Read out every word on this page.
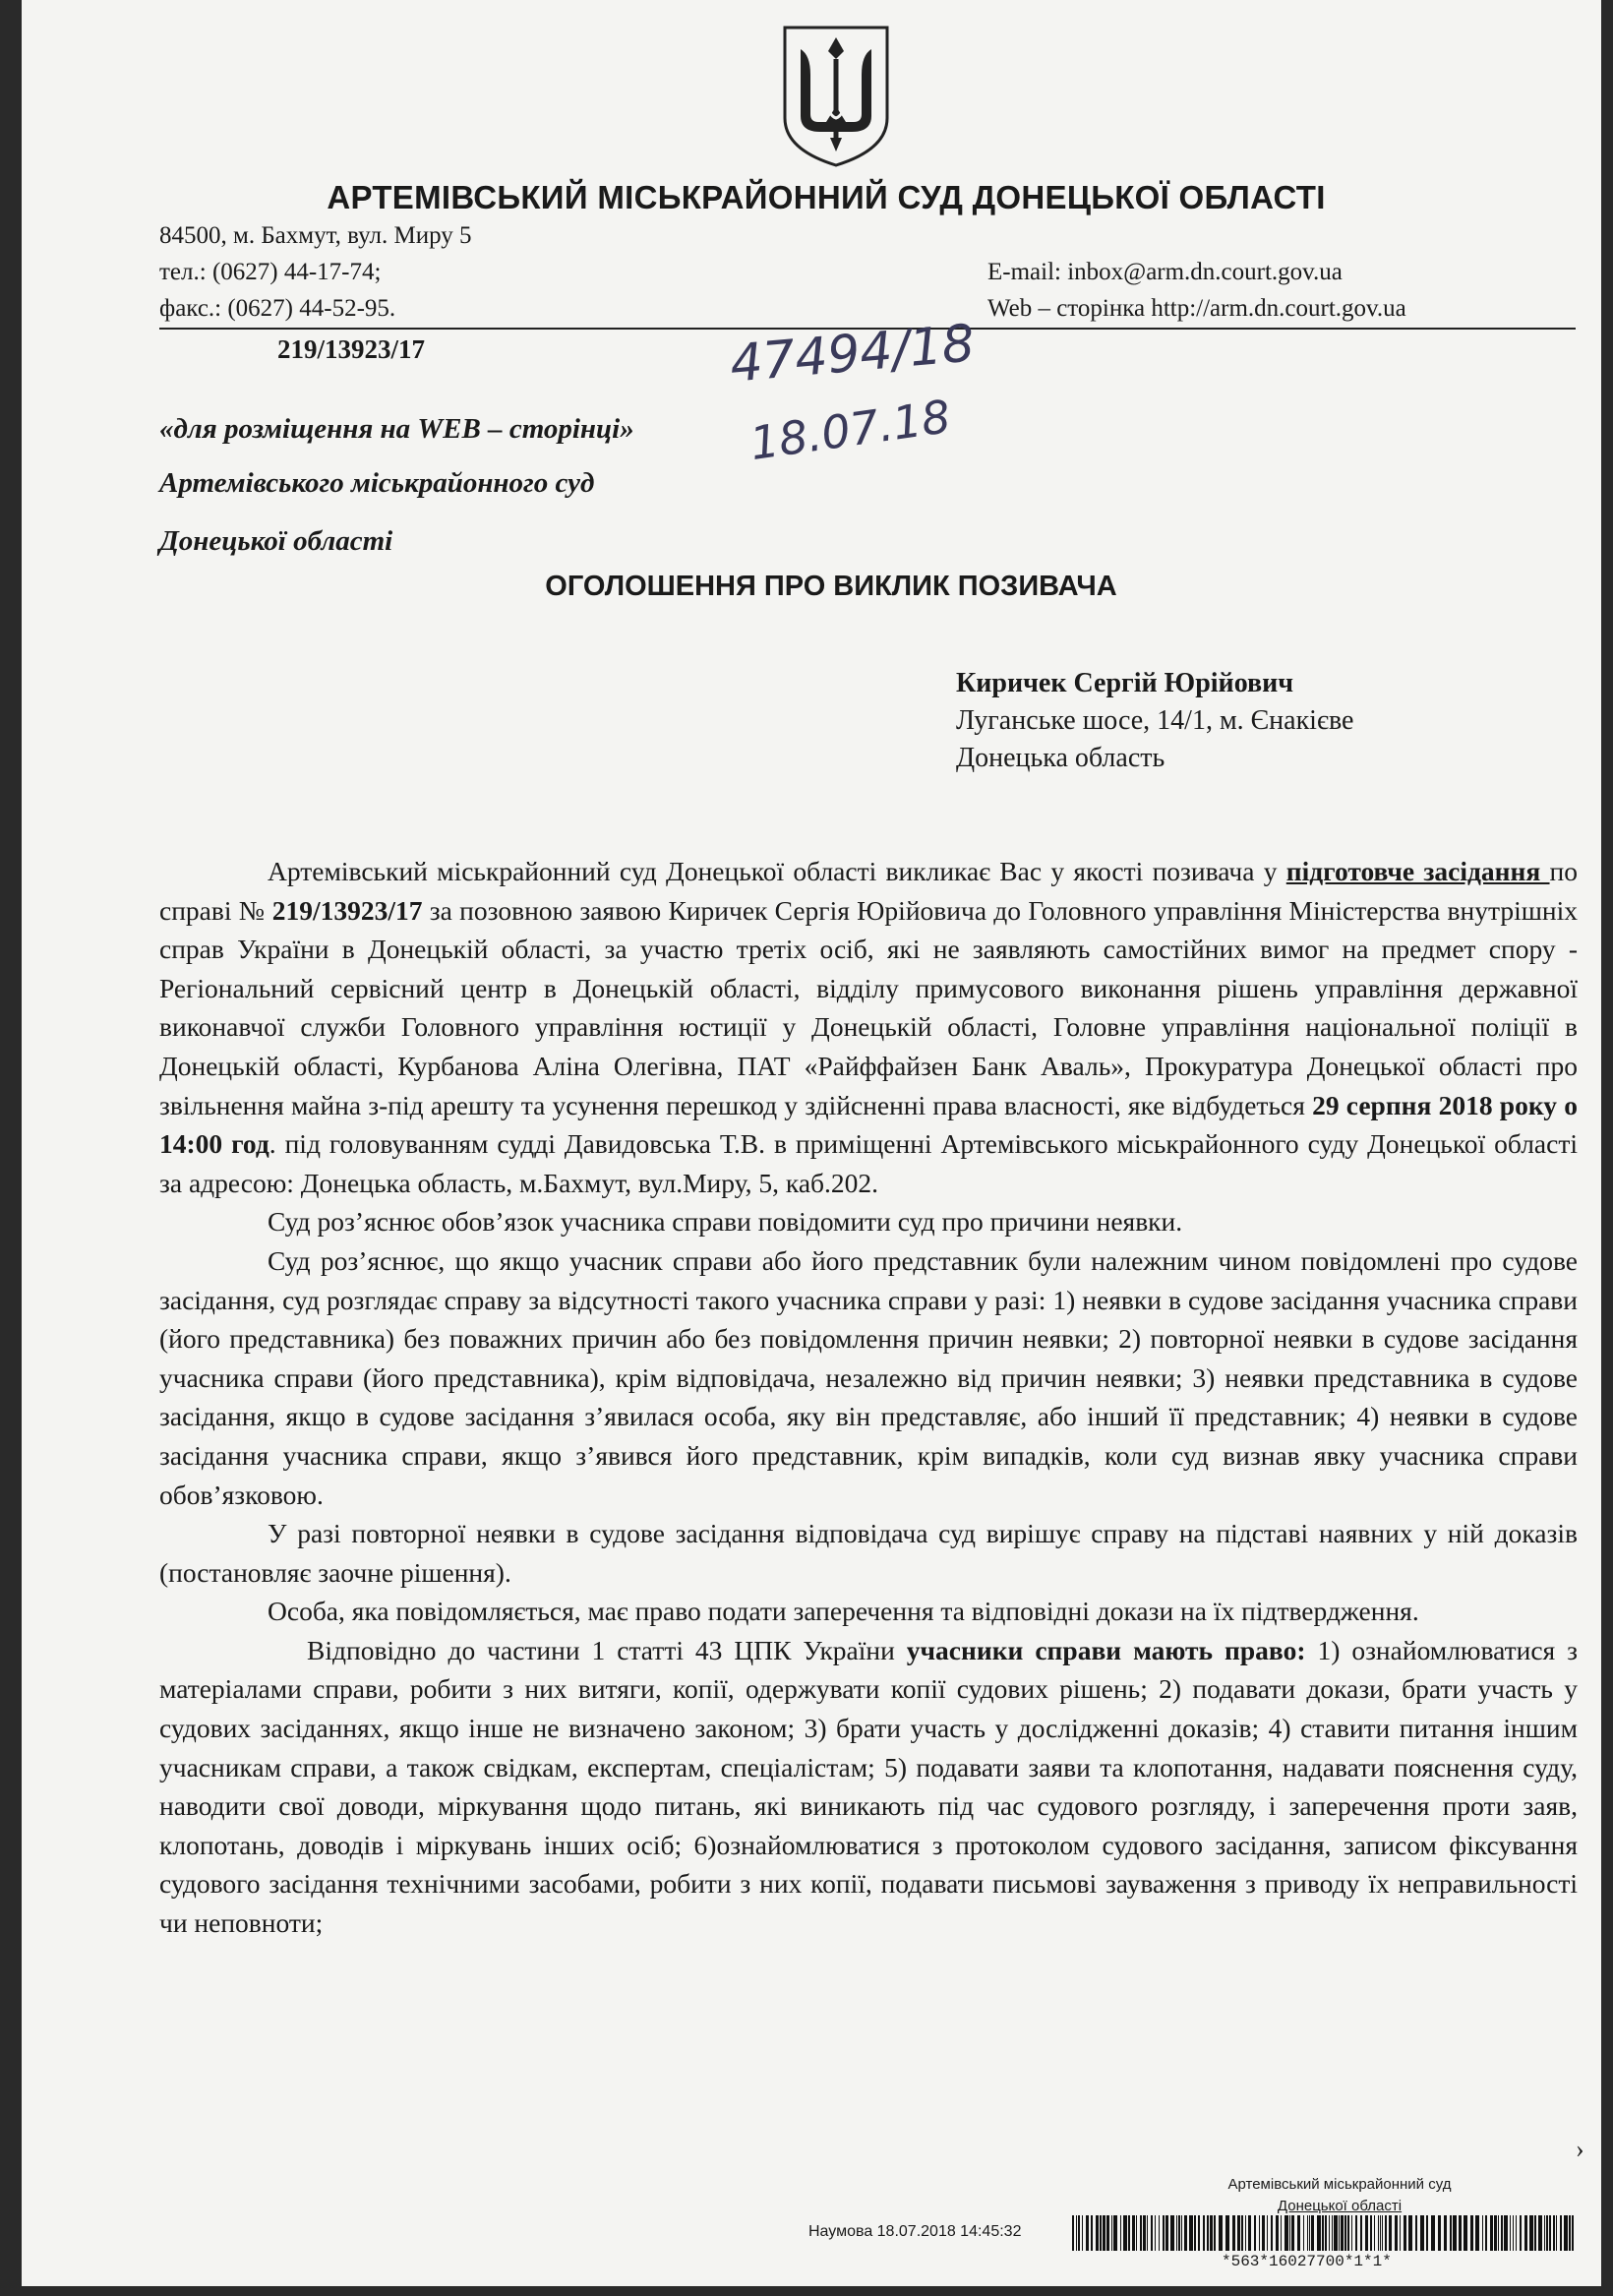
АРТЕМІВСЬКИЙ МІСЬКРАЙОННИЙ СУД ДОНЕЦЬКОЇ ОБЛАСТІ
84500, м. Бахмут, вул. Миру 5
тел.: (0627) 44-17-74;
факс.: (0627) 44-52-95.
E-mail: inbox@arm.dn.court.gov.ua
Web – сторінка http://arm.dn.court.gov.ua
219/13923/17	47494/18
18.07.18
«для розміщення на WEB – сторінці»
Артемівського міськрайонного суд
Донецької області
ОГОЛОШЕННЯ ПРО ВИКЛИК ПОЗИВАЧА
Киричек Сергій Юрійович
Луганське шосе, 14/1, м. Єнакієве
Донецька область

Артемівський міськрайонний суд Донецької області викликає Вас у якості позивача у підготовче засідання по справі № 219/13923/17 за позовною заявою Киричек Сергія Юрійовича до Головного управління Міністерства внутрішніх справ України в Донецькій області, за участю третіх осіб, які не заявляють самостійних вимог на предмет спору - Регіональний сервісний центр в Донецькій області, відділу примусового виконання рішень управління державної виконавчої служби Головного управління юстиції у Донецькій області, Головне управління національної поліції в Донецькій області, Курбанова Аліна Олегівна, ПАТ «Райффайзен Банк Аваль», Прокуратура Донецької області про звільнення майна з-під арешту та усунення перешкод у здійсненні права власності, яке відбудеться 29 серпня 2018 року о 14:00 год. під головуванням судді Давидовська Т.В. в приміщенні Артемівського міськрайонного суду Донецької області за адресою: Донецька область, м.Бахмут, вул.Миру, 5, каб.202.

Суд роз’яснює обов’язок учасника справи повідомити суд про причини неявки.

Суд роз’яснює, що якщо учасник справи або його представник були належним чином повідомлені про судове засідання, суд розглядає справу за відсутності такого учасника справи у разі: 1) неявки в судове засідання учасника справи (його представника) без поважних причин або без повідомлення причин неявки; 2) повторної неявки в судове засідання учасника справи (його представника), крім відповідача, незалежно від причин неявки; 3) неявки представника в судове засідання, якщо в судове засідання з’явилася особа, яку він представляє, або інший її представник; 4) неявки в судове засідання учасника справи, якщо з’явився його представник, крім випадків, коли суд визнав явку учасника справи обов’язковою.

У разі повторної неявки в судове засідання відповідача суд вирішує справу на підставі наявних у ній доказів (постановляє заочне рішення).

Особа, яка повідомляється, має право подати заперечення та відповідні докази на їх підтвердження.

Відповідно до частини 1 статті 43 ЦПК України учасники справи мають право: 1) ознайомлюватися з матеріалами справи, робити з них витяги, копії, одержувати копії судових рішень; 2) подавати докази, брати участь у судових засіданнях, якщо інше не визначено законом; 3) брати участь у дослідженні доказів; 4) ставити питання іншим учасникам справи, а також свідкам, експертам, спеціалістам; 5) подавати заяви та клопотання, надавати пояснення суду, наводити свої доводи, міркування щодо питань, які виникають під час судового розгляду, і заперечення проти заяв, клопотань, доводів і міркувань інших осіб; 6)ознайомлюватися з протоколом судового засідання, записом фіксування судового засідання технічними засобами, робити з них копії, подавати письмові зауваження з приводу їх неправильності чи неповноти;

›
Артемівський міськрайонний суд
Донецької області
Наумова 18.07.2018 14:45:32
*563*16027700*1*1*
